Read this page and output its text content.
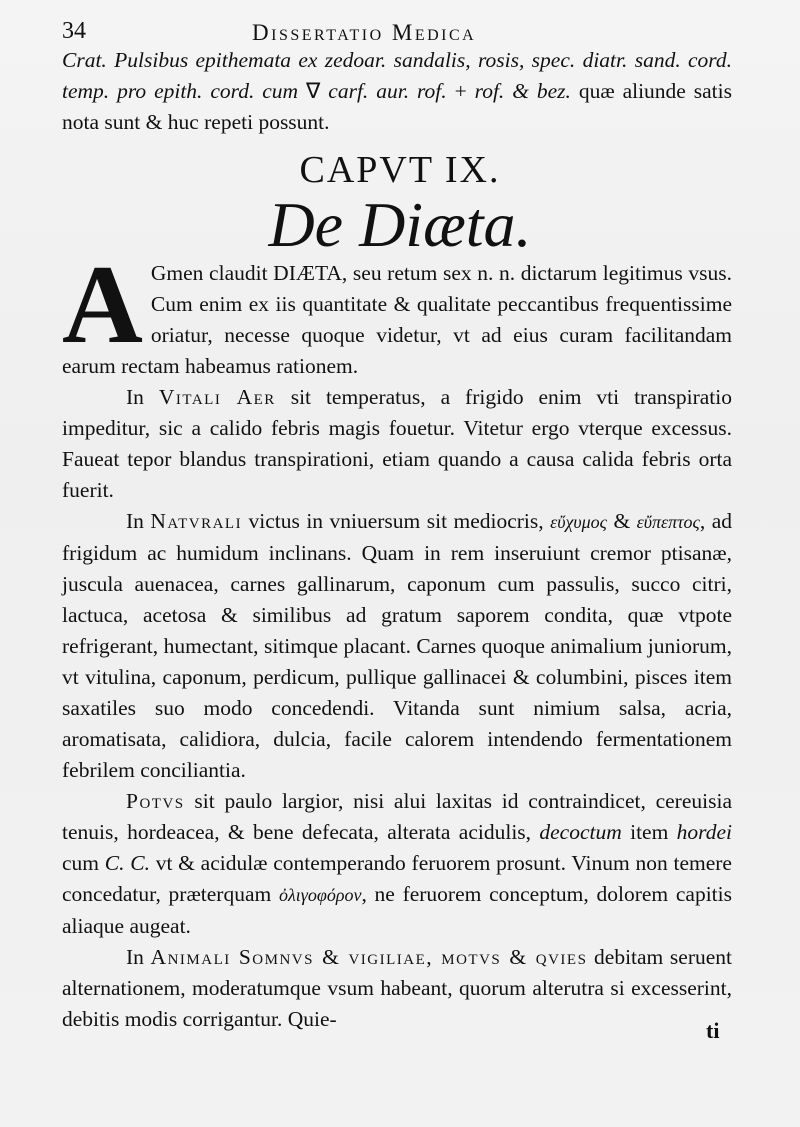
34	Dissertatio Medica

Crat. Pulsibus epithemata ex zedoar. sandalis, rosis, spec. diatr. sand. cord. temp. pro epith. cord. cum ∇ carf. aur. rof. + rof. & bez. quæ aliunde satis nota sunt & huc repeti possunt.

CAPVT IX.
De Diæta.

A Gmen claudit DIÆTA, seu retum sex n. n. dictarum legitimus vsus. Cum enim ex iis quantitate & qualitate peccantibus frequentissime oriatur, necesse quoque videtur, vt ad eius curam facilitandam earum rectam habeamus rationem.

In Vitali Aer sit temperatus, a frigido enim vti transpiratio impeditur, sic a calido febris magis fouetur. Vitetur ergo vterque excessus. Faueat tepor blandus transpirationi, etiam quando a causa calida febris orta fuerit.

In Natvrali victus in vniuersum sit mediocris, εὔχυμος & εὔπεπτος, ad frigidum ac humidum inclinans. Quam in rem inseruiunt cremor ptisanæ, juscula auenacea, carnes gallinarum, caponum cum passulis, succo citri, lactuca, acetosa & similibus ad gratum saporem condita, quæ vtpote refrigerant, humectant, sitimque placant. Carnes quoque animalium juniorum, vt vitulina, caponum, perdicum, pullique gallinacei & columbini, pisces item saxatiles suo modo concedendi. Vitanda sunt nimium salsa, acria, aromatisata, calidiora, dulcia, facile calorem intendendo fermentationem febrilem conciliantia.

Potvs sit paulo largior, nisi alui laxitas id contraindicet, cereuisia tenuis, hordeacea, & bene defecata, alterata acidulis, decoctum item hordei cum C. C. vt & acidulæ contemperando feruorem prosunt. Vinum non temere concedatur, præterquam ὀλιγοφόρον, ne feruorem conceptum, dolorem capitis aliaque augeat.

In Animali Somnvs & vigiliae, motvs & qvies debitam seruent alternationem, moderatumque vsum habeant, quorum alterutra si excesserint, debitis modis corrigantur. Quie-	ti
